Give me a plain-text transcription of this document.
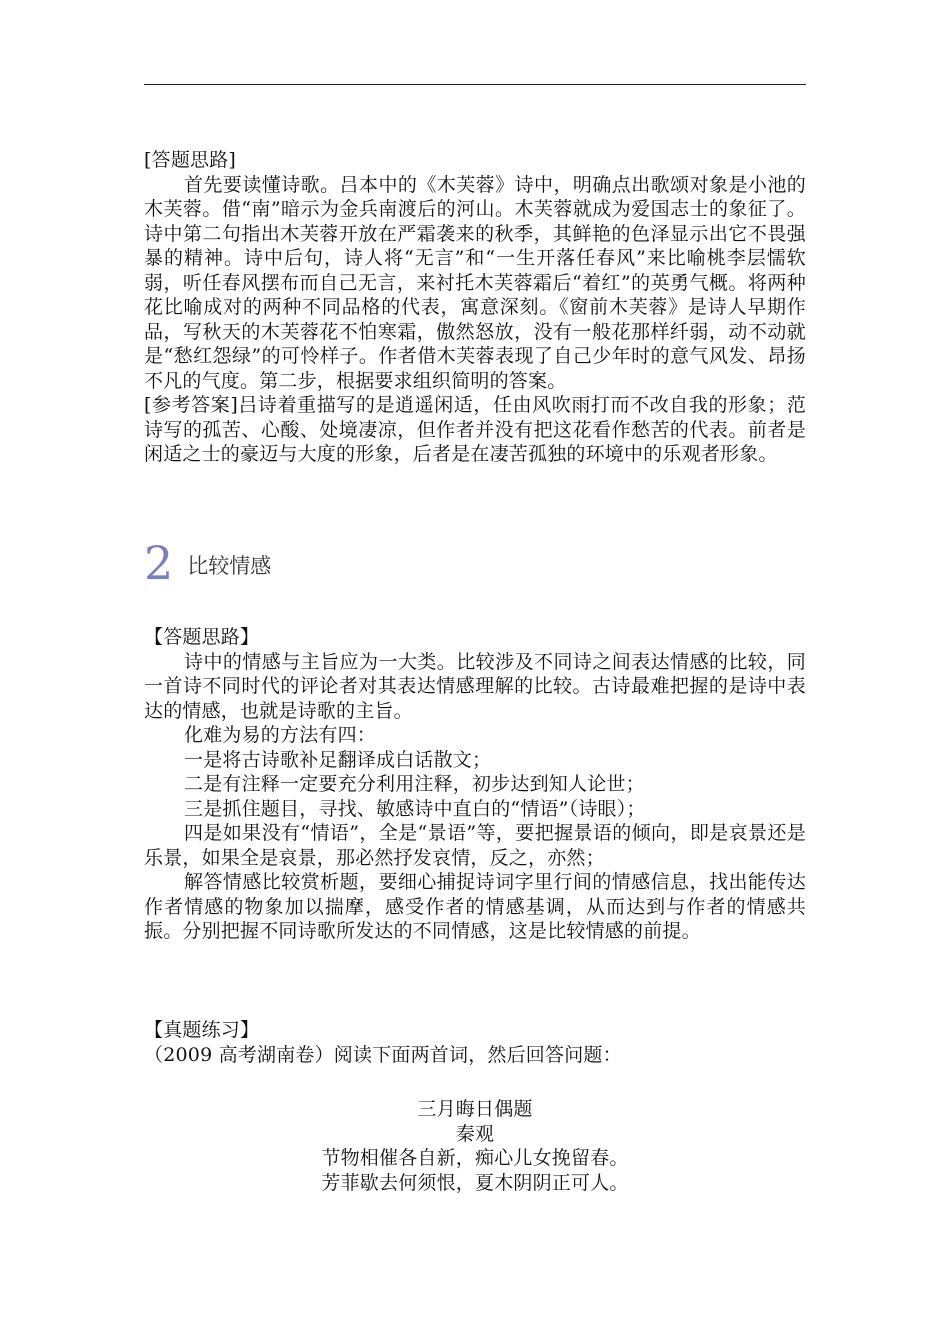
[答题思路]

首先要读懂诗歌。吕本中的《木芙蓉》诗中，明确点出歌颂对象是小池的木芙蓉。借“南”暗示为金兵南渡后的河山。木芙蓉就成为爱国志士的象征了。诗中第二句指出木芙蓉开放在严霜袭来的秋季，其鲜艳的色泽显示出它不畏强暴的精神。诗中后句，诗人将“无言”和“一生开落任春风”来比喻桃李层懦软弱，听任春风摆布而自己无言，来衬托木芙蓉霜后“着红”的英勇气概。将两种花比喻成对的两种不同品格的代表，寓意深刻。《窗前木芙蓉》是诗人早期作品，写秋天的木芙蓉花不怕寒霜，傲然怒放，没有一般花那样纤弱，动不动就是“愁红怨绿”的可怜样子。作者借木芙蓉表现了自己少年时的意气风发、昂扬不凡的气度。第二步，根据要求组织简明的答案。

[参考答案]吕诗着重描写的是逍遥闲适，任由风吹雨打而不改自我的形象；范诗写的孤苦、心酸、处境凄凉，但作者并没有把这花看作愁苦的代表。前者是闲适之士的豪迈与大度的形象，后者是在凄苦孤独的环境中的乐观者形象。

2 比较情感

【答题思路】

诗中的情感与主旨应为一大类。比较涉及不同诗之间表达情感的比较，同一首诗不同时代的评论者对其表达情感理解的比较。古诗最难把握的是诗中表达的情感，也就是诗歌的主旨。

化难为易的方法有四：

一是将古诗歌补足翻译成白话散文；

二是有注释一定要充分利用注释，初步达到知人论世；

三是抓住题目，寻找、敏感诗中直白的“情语”（诗眼）；

四是如果没有“情语”，全是“景语”等，要把握景语的倾向，即是哀景还是乐景，如果全是哀景，那必然抒发哀情，反之，亦然；

解答情感比较赏析题，要细心捕捉诗词字里行间的情感信息，找出能传达作者情感的物象加以揣摩，感受作者的情感基调，从而达到与作者的情感共振。分别把握不同诗歌所发达的不同情感，这是比较情感的前提。

【真题练习】

（2009 高考湖南卷）阅读下面两首词，然后回答问题：

三月晦日偶题

秦观

节物相催各自新，痴心儿女挽留春。

芳菲歇去何须恨，夏木阴阴正可人。
